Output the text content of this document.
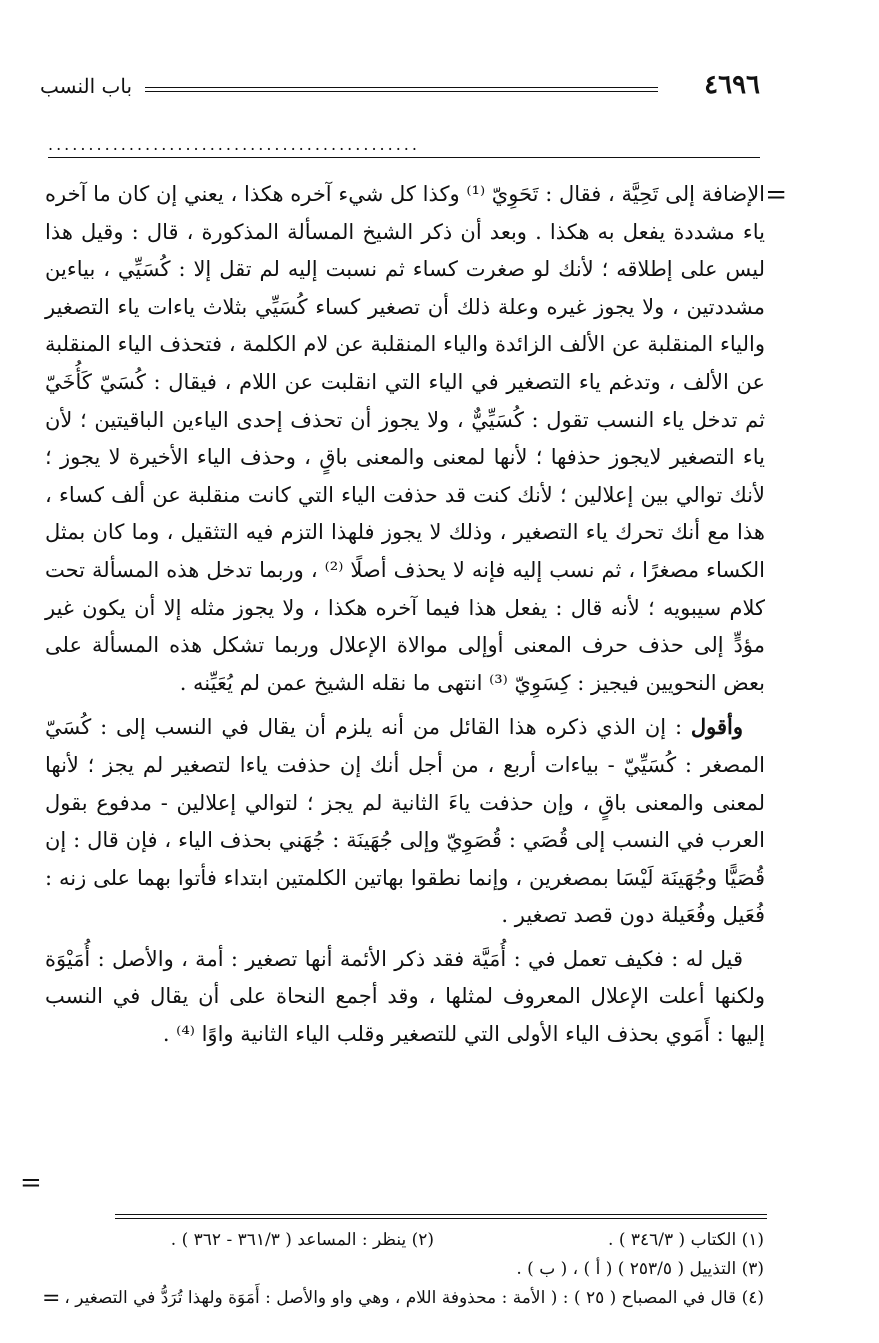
٤٦٩٦
باب النسب
..............................................
=

الإضافة إلى تَحِيَّة ، فقال : تَحَوِيّ ⁽¹⁾ وكذا كل شيء آخره هكذا ، يعني إن كان ما آخره ياء مشددة يفعل به هكذا . وبعد أن ذكر الشيخ المسألة المذكورة ، قال : وقيل هذا ليس على إطلاقه ؛ لأنك لو صغرت كساء ثم نسبت إليه لم تقل إلا : كُسَيِّي ، بياءين مشددتين ، ولا يجوز غيره وعلة ذلك أن تصغير كساء كُسَيِّي بثلاث ياءات ياء التصغير والياء المنقلبة عن الألف الزائدة والياء المنقلبة عن لام الكلمة ، فتحذف الياء المنقلبة عن الألف ، وتدغم ياء التصغير في الياء التي انقلبت عن اللام ، فيقال : كُسَيّ كَأُخَيّ ثم تدخل ياء النسب تقول : كُسَيِّيٌّ ، ولا يجوز أن تحذف إحدى الياءين الباقيتين ؛ لأن ياء التصغير لايجوز حذفها ؛ لأنها لمعنى والمعنى باقٍ ، وحذف الياء الأخيرة لا يجوز ؛ لأنك توالي بين إعلالين ؛ لأنك كنت قد حذفت الياء التي كانت منقلبة عن ألف كساء ، هذا مع أنك تحرك ياء التصغير ، وذلك لا يجوز فلهذا التزم فيه التثقيل ، وما كان بمثل الكساء مصغرًا ، ثم نسب إليه فإنه لا يحذف أصلًا ⁽²⁾ ، وربما تدخل هذه المسألة تحت كلام سيبويه ؛ لأنه قال : يفعل هذا فيما آخره هكذا ، ولا يجوز مثله إلا أن يكون غير مؤدٍّ إلى حذف حرف المعنى أوإلى موالاة الإعلال وربما تشكل هذه المسألة على بعض النحويين فيجيز : كِسَوِيّ ⁽³⁾ انتهى ما نقله الشيخ عمن لم يُعَيِّنه .

وأقول : إن الذي ذكره هذا القائل من أنه يلزم أن يقال في النسب إلى : كُسَيّ المصغر : كُسَيِّيّ - بياءات أربع ، من أجل أنك إن حذفت ياءا لتصغير لم يجز ؛ لأنها لمعنى والمعنى باقٍ ، وإن حذفت ياءَ الثانية لم يجز ؛ لتوالي إعلالين - مدفوع بقول العرب في النسب إلى قُصَي : قُصَوِيّ وإلى جُهَينَة : جُهَني بحذف الياء ، فإن قال : إن قُصَيًّا وجُهَينَة لَيْسَا بمصغرين ، وإنما نطقوا بهاتين الكلمتين ابتداء فأتوا بهما على زنه : فُعَيل وفُعَيلة دون قصد تصغير .

قيل له : فكيف تعمل في : أُمَيَّة فقد ذكر الأئمة أنها تصغير : أمة ، والأصل : أُمَيْوَة ولكنها أعلت الإعلال المعروف لمثلها ، وقد أجمع النحاة على أن يقال في النسب إليها : أَمَوي بحذف الياء الأولى التي للتصغير وقلب الياء الثانية واوًا ⁽⁴⁾ .

=
(١) الكتاب ( ٣٤٦/٣ ) .
(٢) ينظر : المساعد ( ٣٦١/٣ - ٣٦٢ ) .
(٣) التذييل ( ٢٥٣/٥ ) ( أ ) ، ( ب ) .
(٤) قال في المصباح ( ٢٥ ) : ( الأمة : محذوفة اللام ، وهي واو والأصل : أَمَوَة ولهذا تُرَدُّ في التصغير ،
=
